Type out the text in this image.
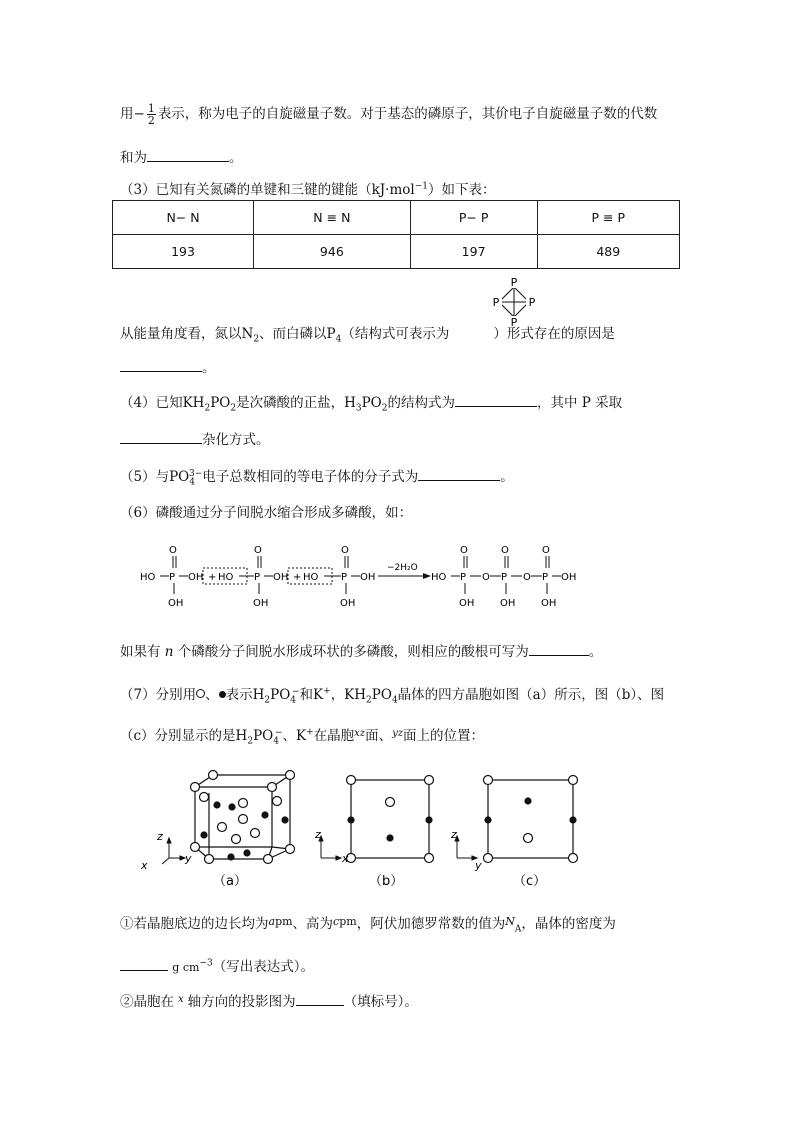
用− $\frac{1}{2}$ 表示，称为电子的自旋磁量子数。对于基态的磷原子，其价电子自旋磁量子数的代数
和为	。
（3）已知有关氮磷的单键和三键的键能（kJ·mol$^{-1}$）如下表：
N− N	N ≡ N	P− P	P ≡ P
193	946	197	489
P
P	P
P
从能量角度看，氮以$N_2$、而白磷以$P_4$（结构式可表示为	）形式存在的原因是
。
（4）已知$KH_2PO_2$是次磷酸的正盐，$H_3PO_2$的结构式为	，其中 P 采取
杂化方式。
（5）与$PO_4^{3-}$电子总数相同的等电子体的分子式为	。
（6）磷酸通过分子间脱水缩合形成多磷酸，如：
HO P
O
OH
OH + HO P
O
OH
OH + HO P
O
OH
OH
−2H₂O
HO P
O
OH
O P
O
OH
O P
O
OH
OH
如果有 n 个磷酸分子间脱水形成环状的多磷酸，则相应的酸根可写为	。
（7）分别用 、 表示$H_2PO_4^-$和K+，$KH_2PO_4$晶体的四方晶胞如图（a）所示，图（b）、图
（c）分别显示的是$H_2PO_4^-$、K+在晶胞$^{xz}$面、$^{yz}$面上的位置：
z
y
x
（a）
z
x
（b）
z
y
（c）
①若晶胞底边的边长均为$^{apm}$、高为$^{cpm}$，阿伏加德罗常数的值为$^N_A$，晶体的密度为
g $cm^{-3}$（写出表达式）。
②晶胞在 $^x$ 轴方向的投影图为	（填标号）。
